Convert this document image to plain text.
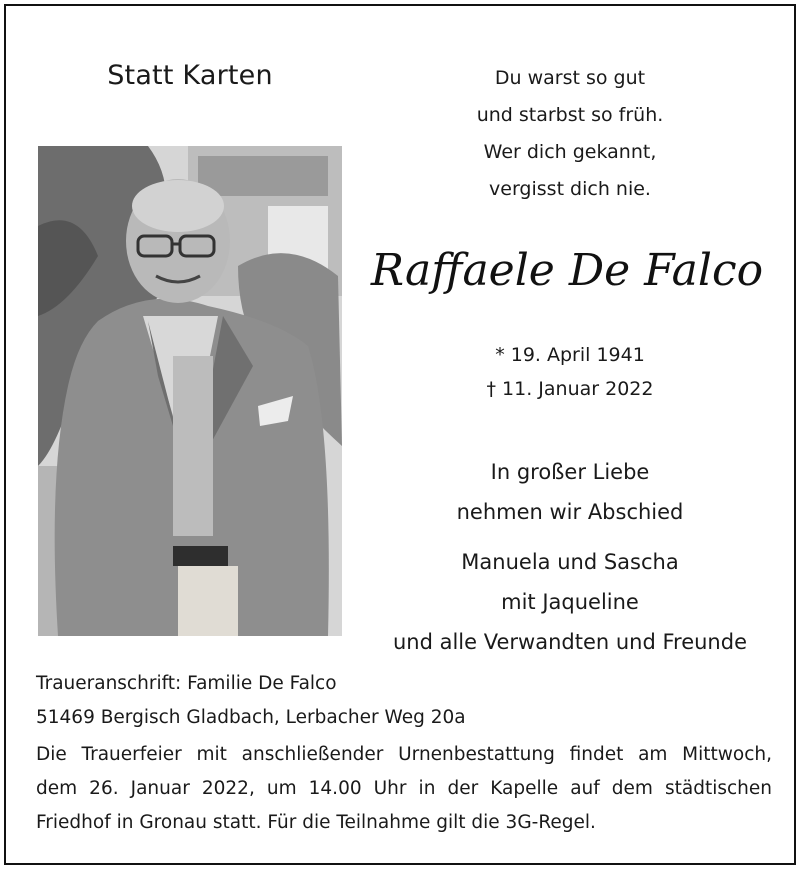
Statt Karten	Du warst so gut
und starbst so früh.
Wer dich gekannt,
vergisst dich nie.
Raffaele De Falco
* 19. April 1941
† 11. Januar 2022
In großer Liebe
nehmen wir Abschied
Manuela und Sascha
mit Jaqueline
und alle Verwandten und Freunde
Traueranschrift: Familie De Falco
51469 Bergisch Gladbach, Lerbacher Weg 20a
Die Trauerfeier mit anschließender Urnenbestattung findet am Mittwoch,
dem 26. Januar 2022, um 14.00 Uhr in der Kapelle auf dem städtischen
Friedhof in Gronau statt. Für die Teilnahme gilt die 3G-Regel.
